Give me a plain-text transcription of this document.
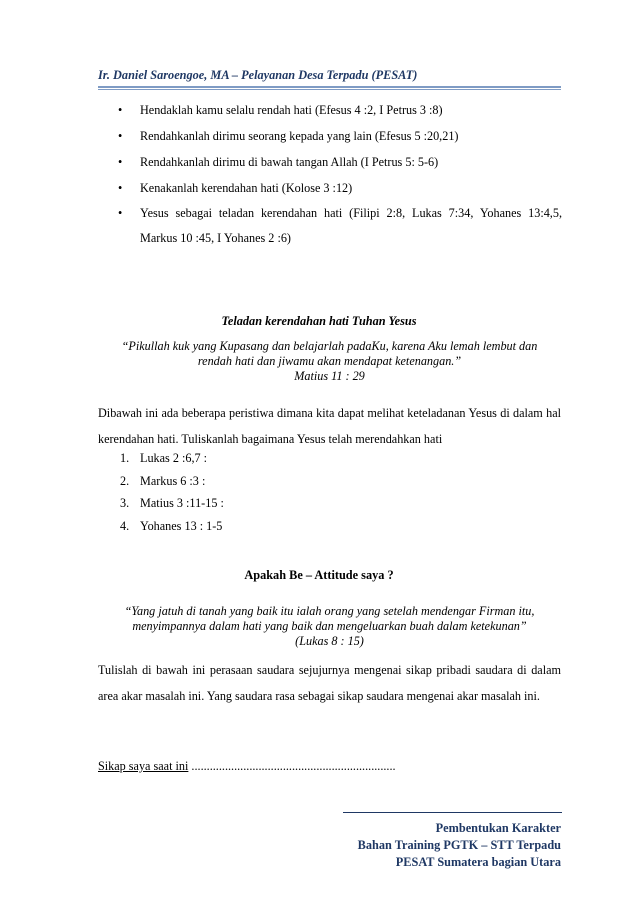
Ir. Daniel Saroengoe, MA – Pelayanan Desa Terpadu (PESAT)
• Hendaklah kamu selalu rendah hati (Efesus 4 :2, I Petrus 3 :8)
• Rendahkanlah dirimu seorang kepada yang lain (Efesus 5 :20,21)
• Rendahkanlah dirimu di bawah tangan Allah (I Petrus 5: 5-6)
• Kenakanlah kerendahan hati (Kolose 3 :12)
• Yesus sebagai teladan kerendahan hati (Filipi 2:8, Lukas 7:34, Yohanes 13:4,5, Markus 10 :45, I Yohanes 2 :6)
Teladan kerendahan hati Tuhan Yesus
“Pikullah kuk yang Kupasang dan belajarlah padaKu, karena Aku lemah lembut dan
rendah hati dan jiwamu akan mendapat ketenangan.”
Matius 11 : 29
Dibawah ini ada beberapa peristiwa dimana kita dapat melihat keteladanan Yesus di dalam hal kerendahan hati. Tuliskanlah bagaimana Yesus telah merendahkan hati
1. Lukas 2 :6,7 :
2. Markus 6 :3 :
3. Matius 3 :11-15 :
4. Yohanes 13 : 1-5
Apakah Be – Attitude saya ?
“Yang jatuh di tanah yang baik itu ialah orang yang setelah mendengar Firman itu,
menyimpannya dalam hati yang baik dan mengeluarkan buah dalam ketekunan”
(Lukas 8 : 15)
Tulislah di bawah ini perasaan saudara sejujurnya mengenai sikap pribadi saudara di dalam area akar masalah ini. Yang saudara rasa sebagai sikap saudara mengenai akar masalah ini.
Sikap saya saat ini ...................................................................
Pembentukan Karakter
Bahan Training PGTK – STT Terpadu
PESAT Sumatera bagian Utara
